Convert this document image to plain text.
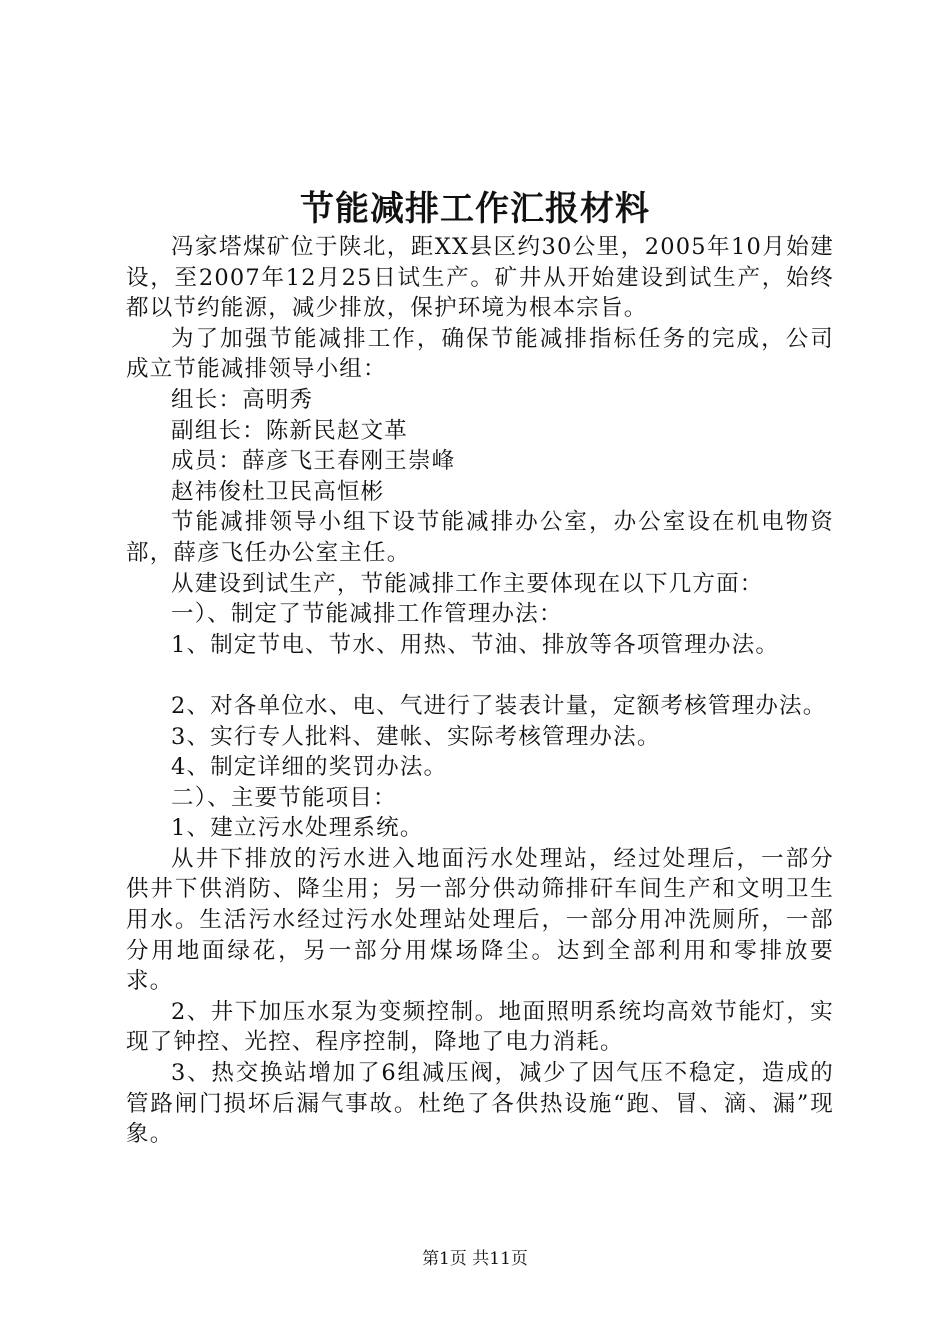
节能减排工作汇报材料

冯家塔煤矿位于陕北，距XX县区约30公里，2005年10月始建设，至2007年12月25日试生产。矿井从开始建设到试生产，始终都以节约能源，减少排放，保护环境为根本宗旨。

为了加强节能减排工作，确保节能减排指标任务的完成，公司成立节能减排领导小组：

组长：高明秀

副组长：陈新民赵文革

成员：薛彦飞王春刚王崇峰

赵祎俊杜卫民高恒彬

节能减排领导小组下设节能减排办公室，办公室设在机电物资部，薛彦飞任办公室主任。

从建设到试生产，节能减排工作主要体现在以下几方面：

一）、制定了节能减排工作管理办法：

1、制定节电、节水、用热、节油、排放等各项管理办法。

2、对各单位水、电、气进行了装表计量，定额考核管理办法。

3、实行专人批料、建帐、实际考核管理办法。

4、制定详细的奖罚办法。

二）、主要节能项目：

1、建立污水处理系统。

从井下排放的污水进入地面污水处理站，经过处理后，一部分供井下供消防、降尘用；另一部分供动筛排矸车间生产和文明卫生用水。生活污水经过污水处理站处理后，一部分用冲洗厕所，一部分用地面绿花，另一部分用煤场降尘。达到全部利用和零排放要求。

2、井下加压水泵为变频控制。地面照明系统均高效节能灯，实现了钟控、光控、程序控制，降地了电力消耗。

3、热交换站增加了6组减压阀，减少了因气压不稳定，造成的管路闸门损坏后漏气事故。杜绝了各供热设施“跑、冒、滴、漏”现象。

第1页 共11页
